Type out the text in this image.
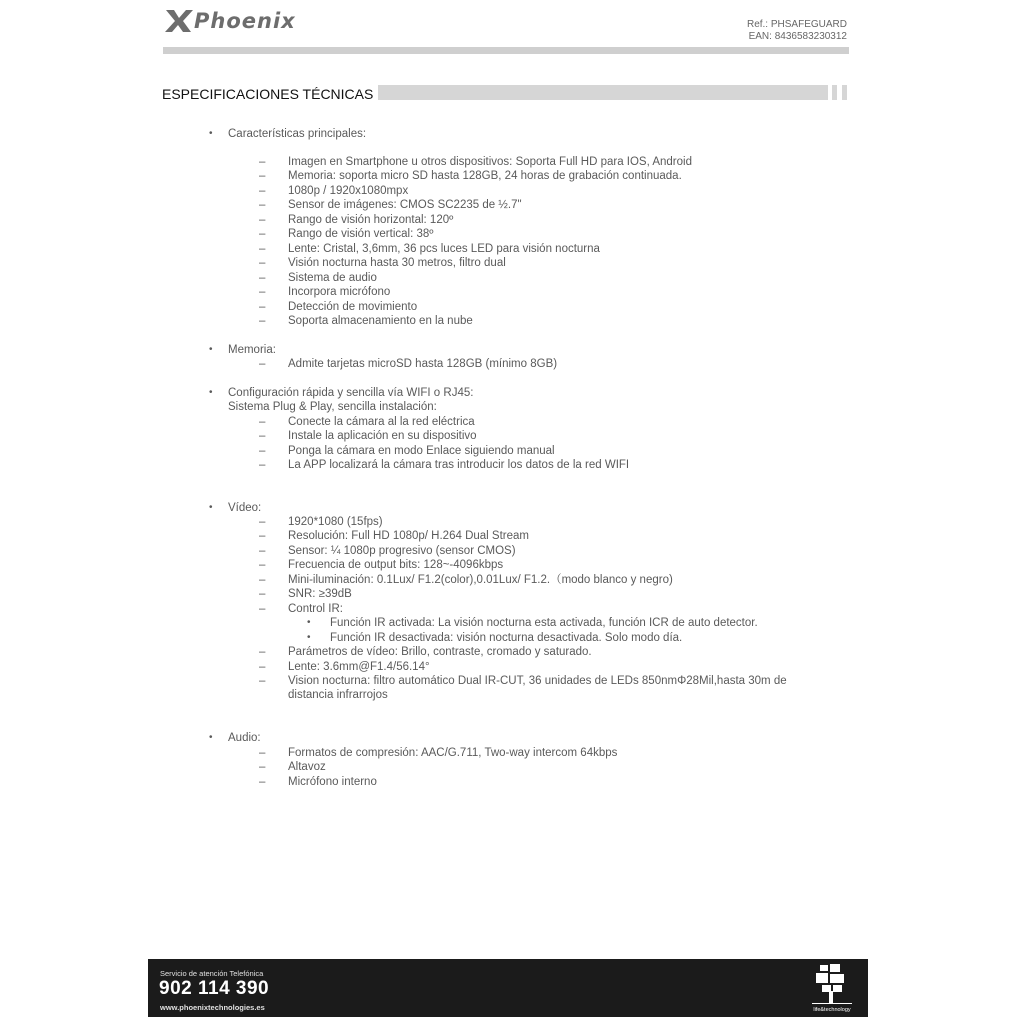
Phoenix	Ref.: PHSAFEGUARD
EAN: 8436583230312
ESPECIFICACIONES TÉCNICAS
• Características principales:
– Imagen en Smartphone u otros dispositivos: Soporta Full HD para IOS, Android
– Memoria: soporta micro SD hasta 128GB, 24 horas de grabación continuada.
– 1080p / 1920x1080mpx
– Sensor de imágenes: CMOS SC2235 de ½.7"
– Rango de visión horizontal: 120º
– Rango de visión vertical: 38º
– Lente: Cristal, 3,6mm, 36 pcs luces LED para visión nocturna
– Visión nocturna hasta 30 metros, filtro dual
– Sistema de audio
– Incorpora micrófono
– Detección de movimiento
– Soporta almacenamiento en la nube
• Memoria:
– Admite tarjetas microSD hasta 128GB (mínimo 8GB)
• Configuración rápida y sencilla vía WIFI o RJ45:
Sistema Plug & Play, sencilla instalación:
– Conecte la cámara al la red eléctrica
– Instale la aplicación en su dispositivo
– Ponga la cámara en modo Enlace siguiendo manual
– La APP localizará la cámara tras introducir los datos de la red WIFI
• Vídeo:
– 1920*1080 (15fps)
– Resolución: Full HD 1080p/ H.264 Dual Stream
– Sensor: ¼ 1080p progresivo (sensor CMOS)
– Frecuencia de output bits: 128~-4096kbps
– Mini-iluminación: 0.1Lux/ F1.2(color),0.01Lux/ F1.2.（modo blanco y negro)
– SNR: ≥39dB
– Control IR:
• Función IR activada: La visión nocturna esta activada, función ICR de auto detector.
• Función IR desactivada: visión nocturna desactivada. Solo modo día.
– Parámetros de vídeo: Brillo, contraste, cromado y saturado.
– Lente: 3.6mm@F1.4/56.14°
– Vision nocturna: filtro automático Dual IR-CUT, 36 unidades de LEDs 850nmΦ28Mil,hasta 30m de
distancia infrarrojos
• Audio:
– Formatos de compresión: AAC/G.711, Two-way intercom 64kbps
– Altavoz
– Micrófono interno
Servicio de atención Telefónica
902 114 390
www.phoenixtechnologies.es	life&technology
